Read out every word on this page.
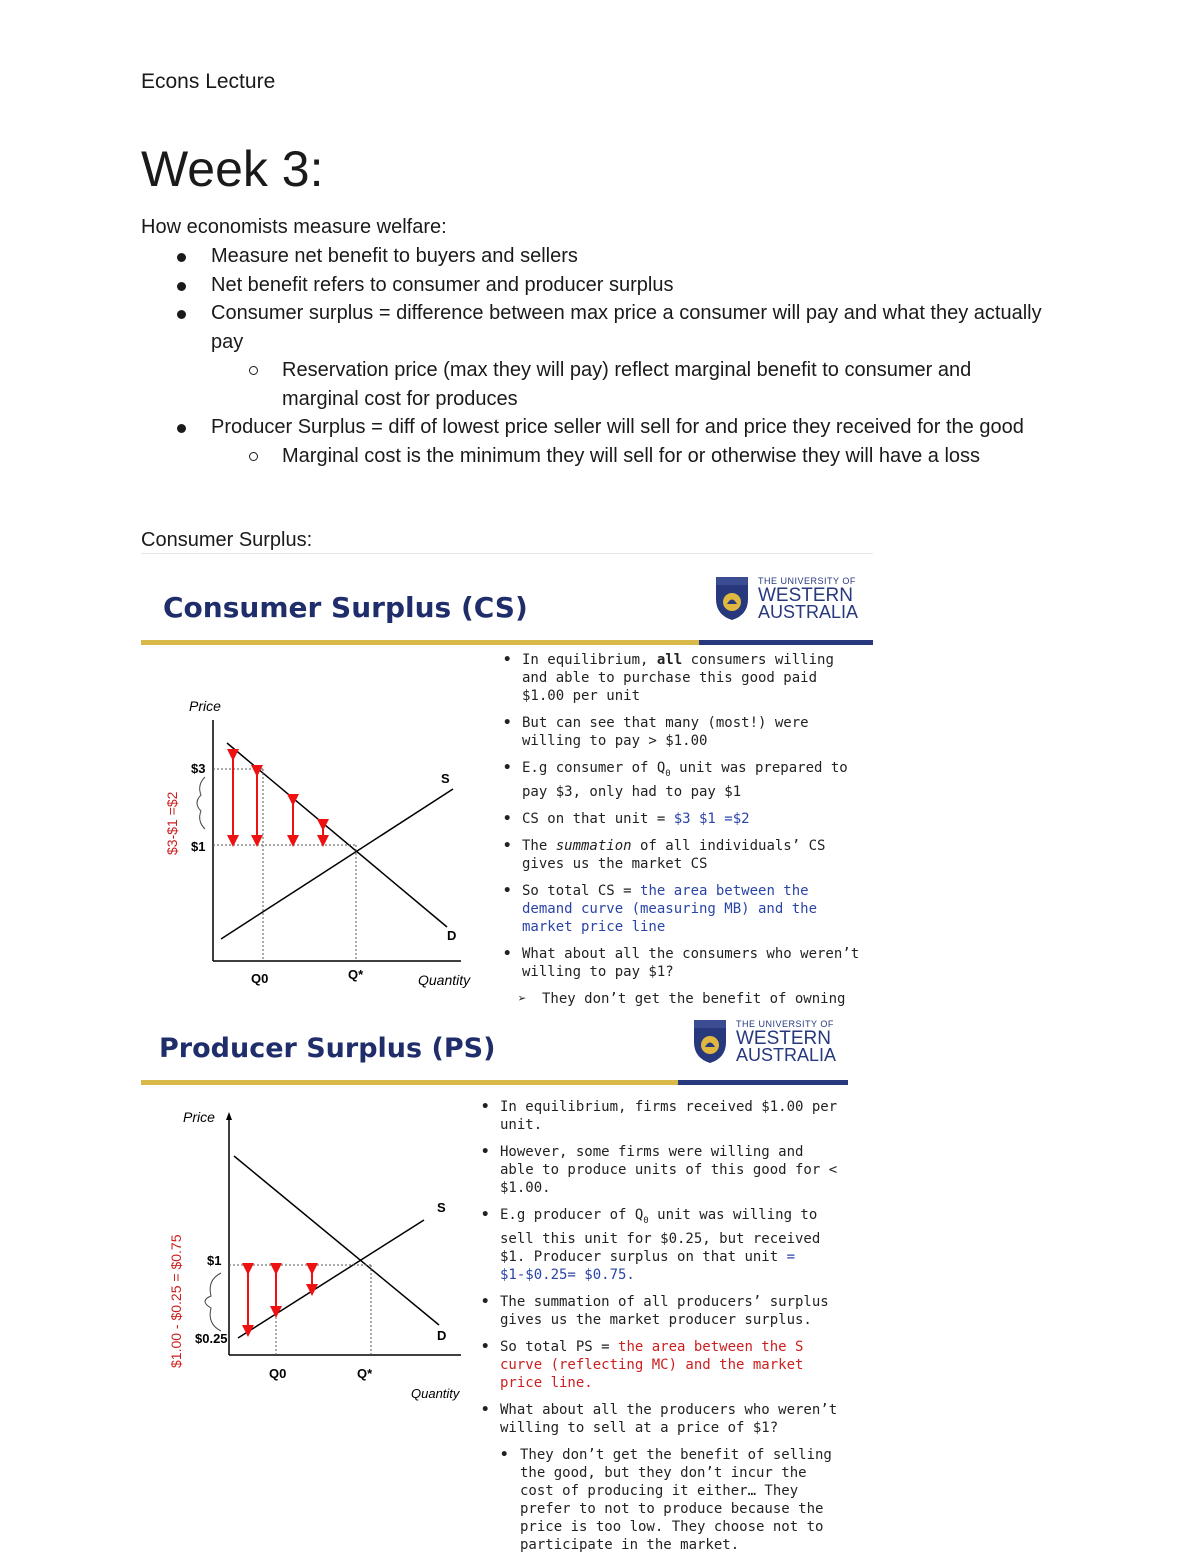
Econs Lecture
Week 3:
How economists measure welfare:
Measure net benefit to buyers and sellers
Net benefit refers to consumer and producer surplus
Consumer surplus = difference between max price a consumer will pay and what they actually pay
Reservation price (max they will pay) reflect marginal benefit to consumer and marginal cost for produces
Producer Surplus = diff of lowest price seller will sell for and price they received for the good
Marginal cost is the minimum they will sell for or otherwise they will have a loss
Consumer Surplus:
Consumer Surplus (CS)
THE UNIVERSITY OF
WESTERN
AUSTRALIA
Price
$3
$1
$3-$1 =$2
S
D
Q0	Q*	Quantity
• In equilibrium, all consumers willing and able to purchase this good paid $1.00 per unit
• But can see that many (most!) were willing to pay > $1.00
• E.g consumer of $Q_0$ unit was prepared to pay $3, only had to pay $1
• CS on that unit = $3 $1 =$2
• The summation of all individuals’ CS gives us the market CS
• So total CS = the area between the demand curve (measuring MB) and the market price line
• What about all the consumers who weren’t willing to pay $1?
➢ They don’t get the benefit of owning
Producer Surplus (PS)
THE UNIVERSITY OF
WESTERN
AUSTRALIA
Price
$1
$0.25
$1.00 - $0.25 = $0.75
S
D
Q0	Q*
Quantity
• In equilibrium, firms received $1.00 per unit.
• However, some firms were willing and able to produce units of this good for < $1.00.
• E.g producer of $Q_0$ unit was willing to sell this unit for $0.25, but received $1. Producer surplus on that unit = $1-$0.25= $0.75.
• The summation of all producers’ surplus gives us the market producer surplus.
• So total PS = the area between the S curve (reflecting MC) and the market price line.
• What about all the producers who weren’t willing to sell at a price of $1?
• They don’t get the benefit of selling the good, but they don’t incur the cost of producing it either… They prefer to not to produce because the price is too low. They choose not to participate in the market.
